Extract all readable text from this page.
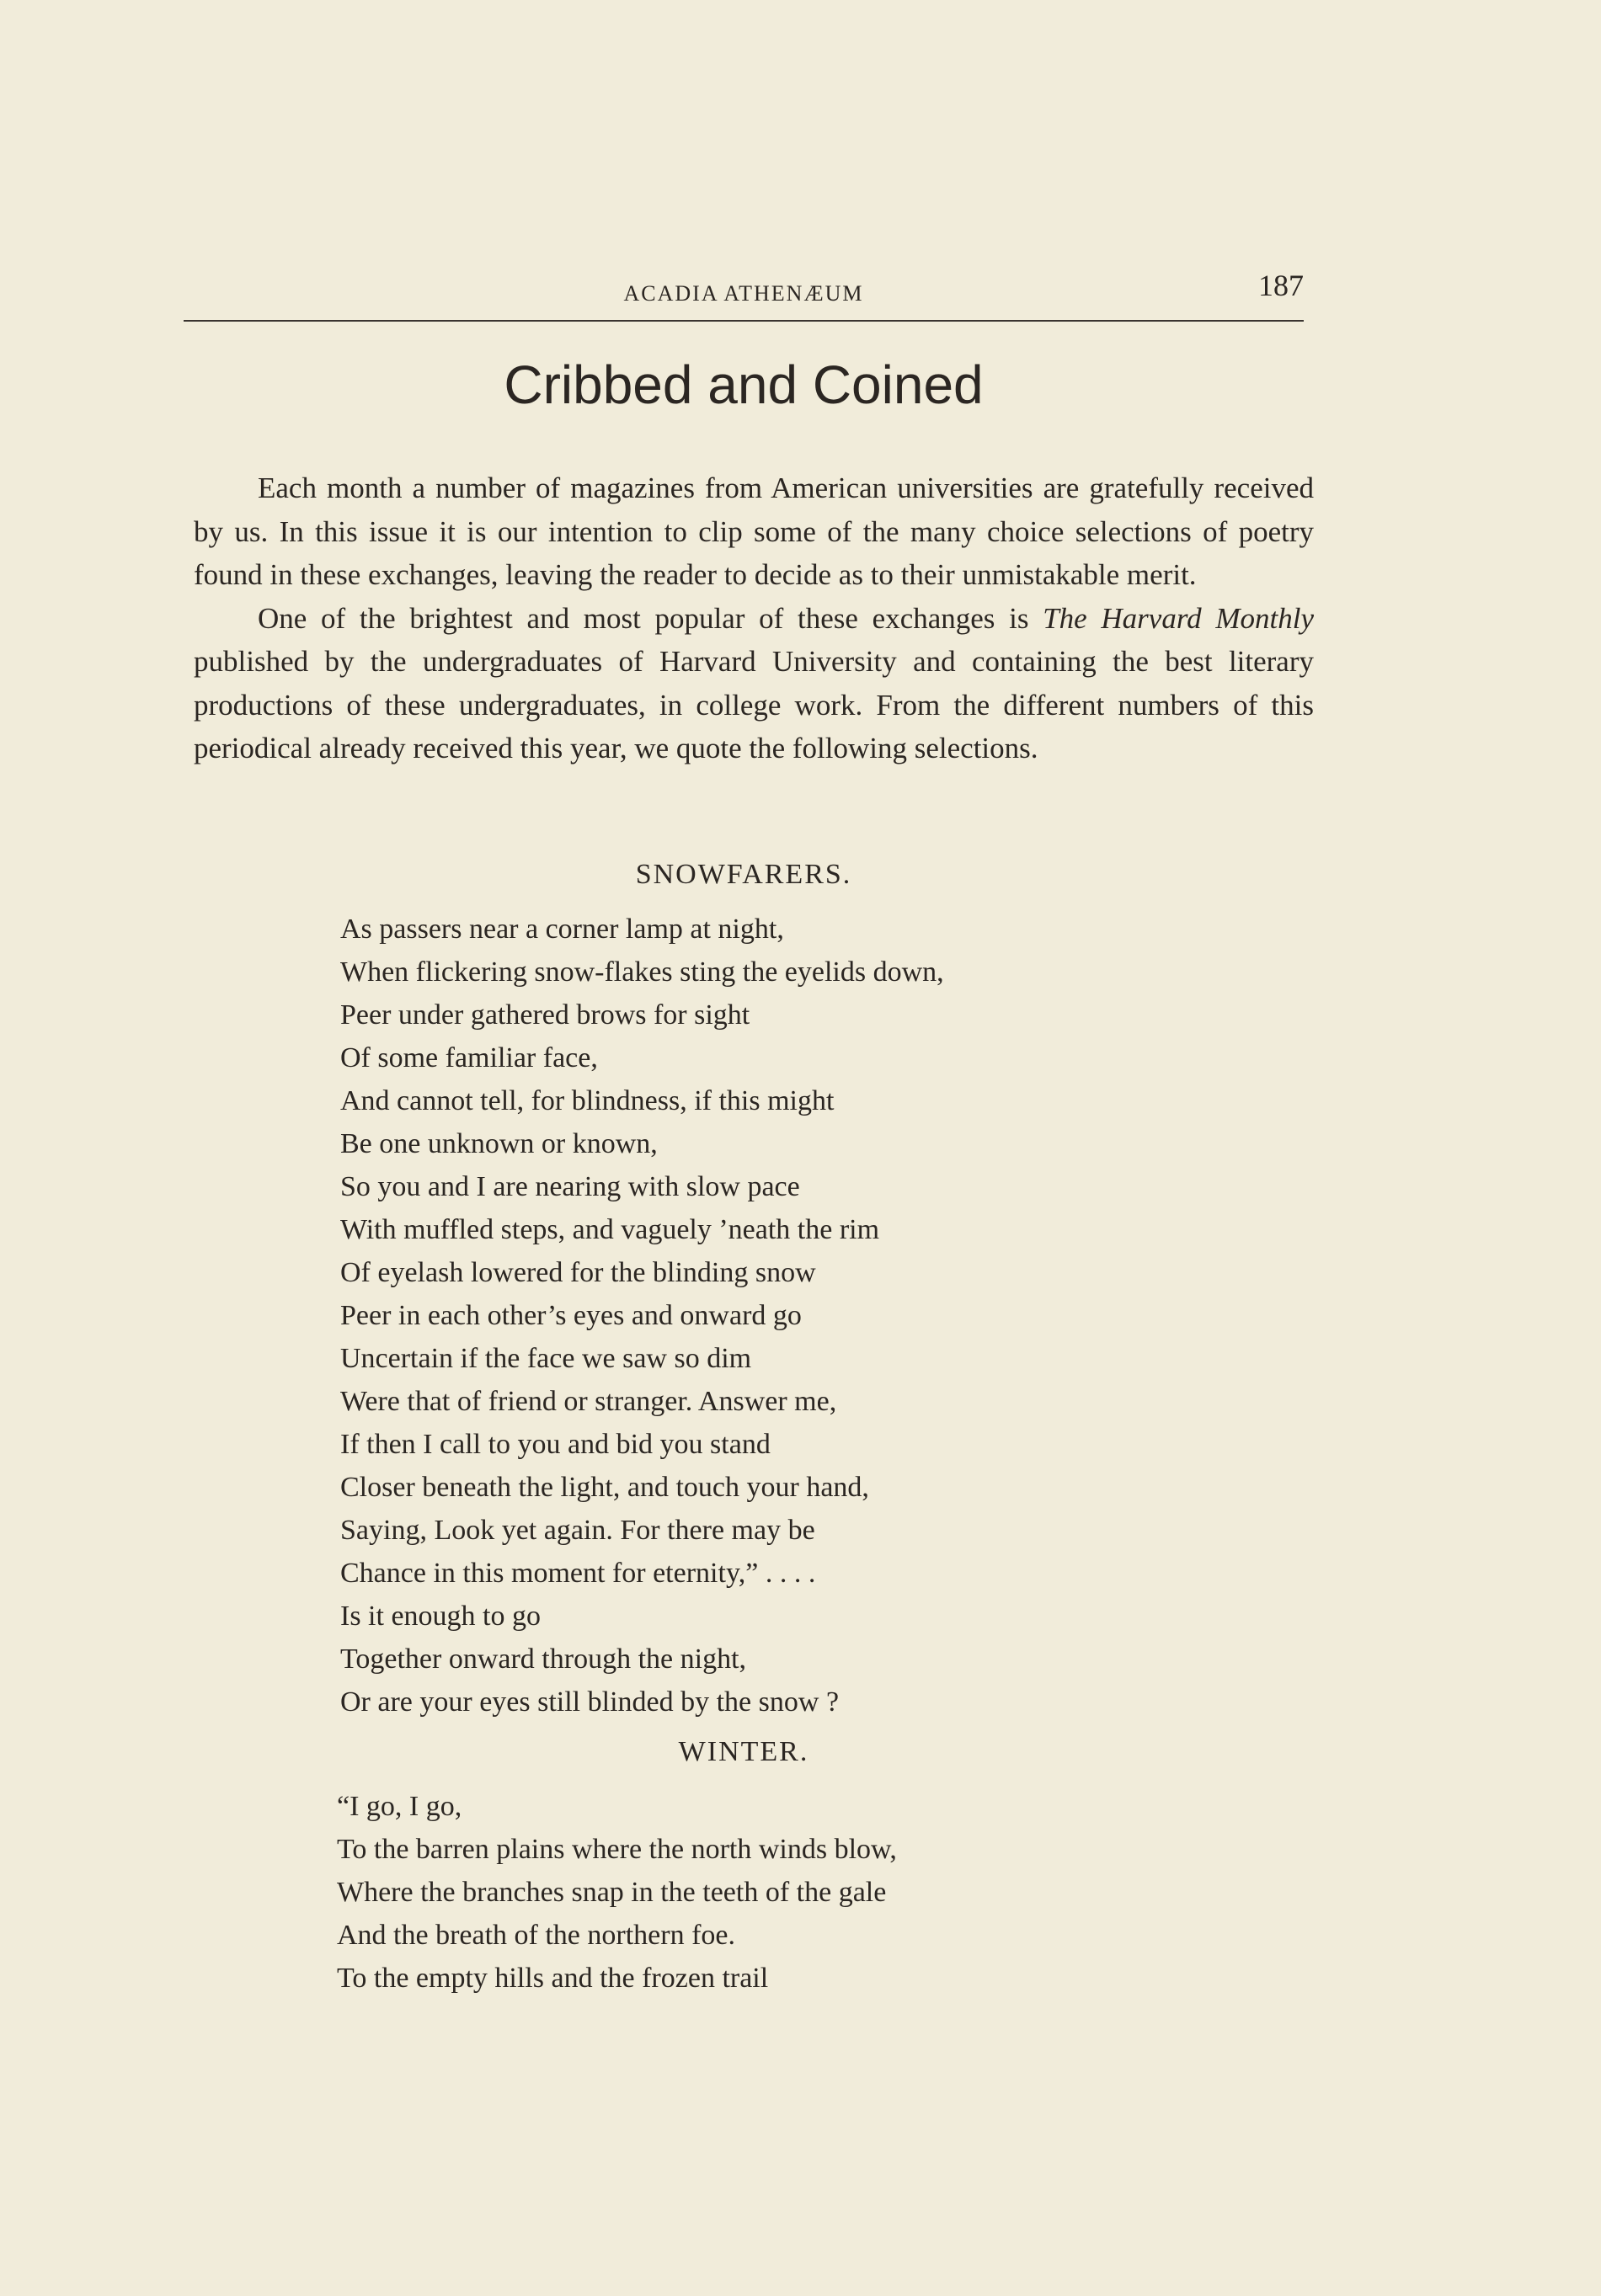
ACADIA ATHENÆUM	187
Cribbed and Coined

Each month a number of magazines from American universities are gratefully received by us. In this issue it is our intention to clip some of the many choice selections of poetry found in these exchanges, leaving the reader to decide as to their unmistakable merit.

One of the brightest and most popular of these exchanges is The Harvard Monthly published by the undergraduates of Harvard University and containing the best literary productions of these undergraduates, in college work. From the different numbers of this periodical already received this year, we quote the following selections.

SNOWFARERS.
As passers near a corner lamp at night,
When flickering snow-flakes sting the eyelids down,
Peer under gathered brows for sight
Of some familiar face,
And cannot tell, for blindness, if this might
Be one unknown or known,
So you and I are nearing with slow pace
With muffled steps, and vaguely ’neath the rim
Of eyelash lowered for the blinding snow
Peer in each other’s eyes and onward go
Uncertain if the face we saw so dim
Were that of friend or stranger. Answer me,
If then I call to you and bid you stand
Closer beneath the light, and touch your hand,
Saying, Look yet again. For there may be
Chance in this moment for eternity,” . . . .
Is it enough to go
Together onward through the night,
Or are your eyes still blinded by the snow ?
WINTER.
“I go, I go,
To the barren plains where the north winds blow,
Where the branches snap in the teeth of the gale
And the breath of the northern foe.
To the empty hills and the frozen trail
